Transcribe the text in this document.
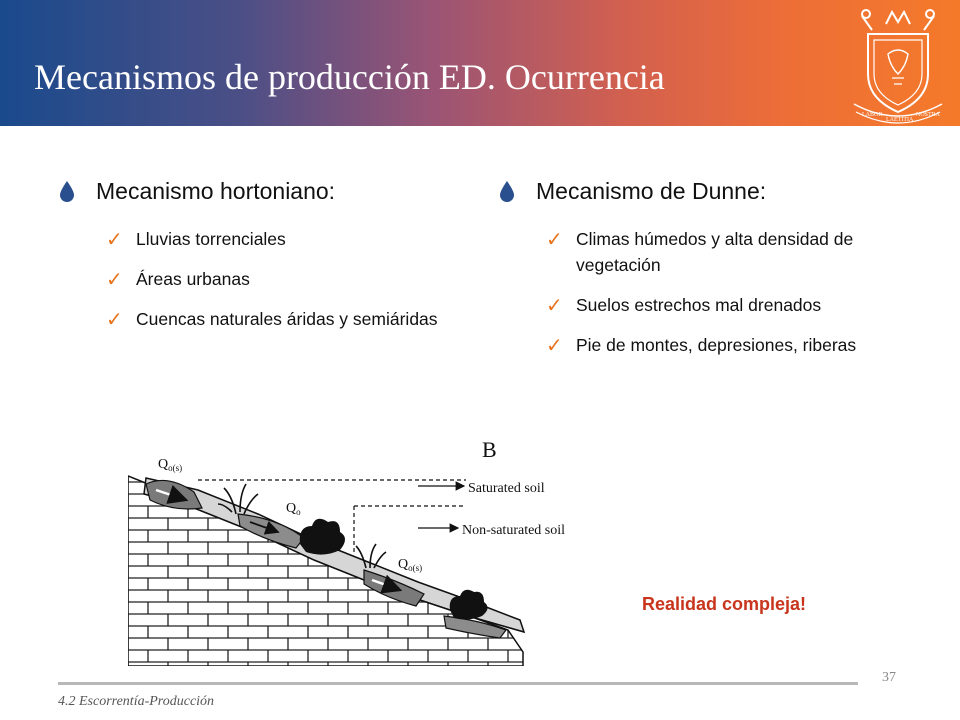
Mecanismos de producción ED. Ocurrencia
LABOR
LAETITIA
NOSTRA
Mecanismo hortoniano:
✓ Lluvias torrenciales
✓ Áreas urbanas
✓ Cuencas naturales áridas y semiáridas
Mecanismo de Dunne:
✓ Climas húmedos y alta densidad de vegetación
✓ Suelos estrechos mal drenados
✓ Pie de montes, depresiones, riberas
B
$Q_{o(s)}$
$Q_o$
$Q_{o(s)}$
Saturated soil
Non-saturated soil
Realidad compleja!
37
4.2 Escorrentía-Producción
